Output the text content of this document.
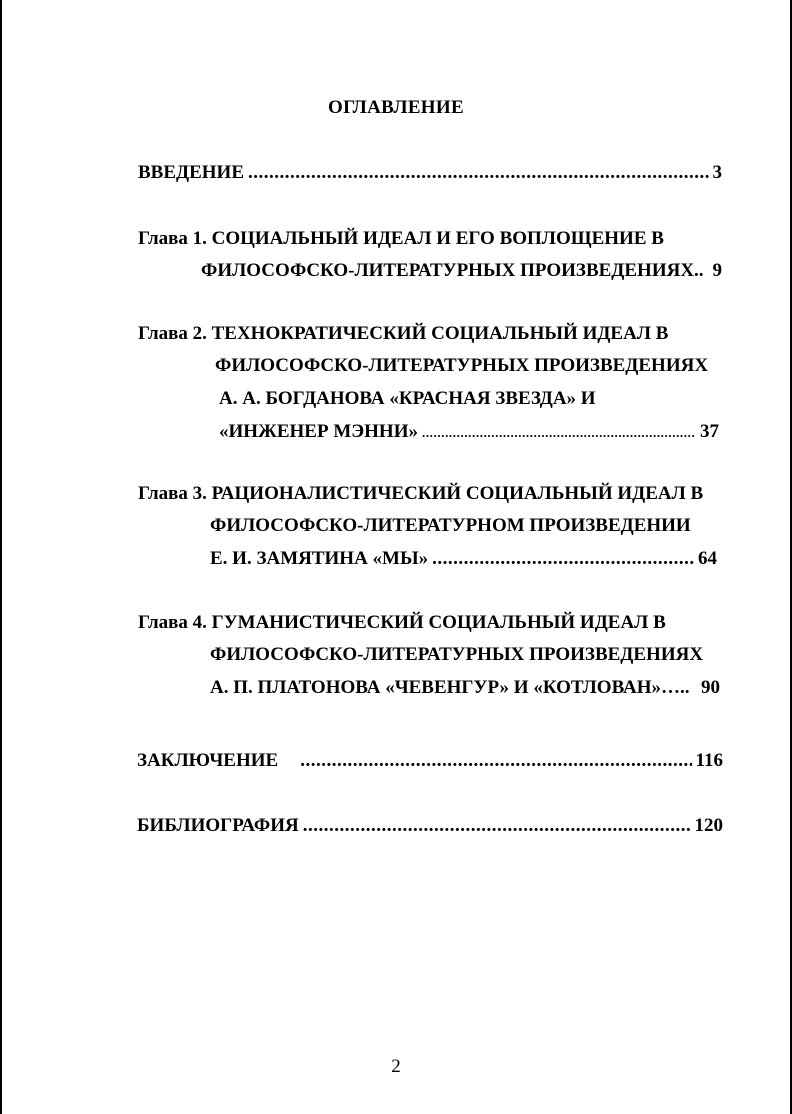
ОГЛАВЛЕНИЕ
ВВЕДЕНИЕ .....	3
Глава 1. СОЦИАЛЬНЫЙ ИДЕАЛ И ЕГО ВОПЛОЩЕНИЕ В
ФИЛОСОФСКО-ЛИТЕРАТУРНЫХ ПРОИЗВЕДЕНИЯХ.. 9
Глава 2. ТЕХНОКРАТИЧЕСКИЙ СОЦИАЛЬНЫЙ ИДЕАЛ В
ФИЛОСОФСКО-ЛИТЕРАТУРНЫХ ПРОИЗВЕДЕНИЯХ
А. А. БОГДАНОВА «КРАСНАЯ ЗВЕЗДА» И
«ИНЖЕНЕР МЭННИ» .....	37
Глава 3. РАЦИОНАЛИСТИЧЕСКИЙ СОЦИАЛЬНЫЙ ИДЕАЛ В
ФИЛОСОФСКО-ЛИТЕРАТУРНОМ ПРОИЗВЕДЕНИИ
Е. И. ЗАМЯТИНА «МЫ» .....	64
Глава 4. ГУМАНИСТИЧЕСКИЙ СОЦИАЛЬНЫЙ ИДЕАЛ В
ФИЛОСОФСКО-ЛИТЕРАТУРНЫХ ПРОИЗВЕДЕНИЯХ
А. П. ПЛАТОНОВА «ЧЕВЕНГУР» И «КОТЛОВАН»….. 90
ЗАКЛЮЧЕНИЕ .....	116
БИБЛИОГРАФИЯ .....	120
2
